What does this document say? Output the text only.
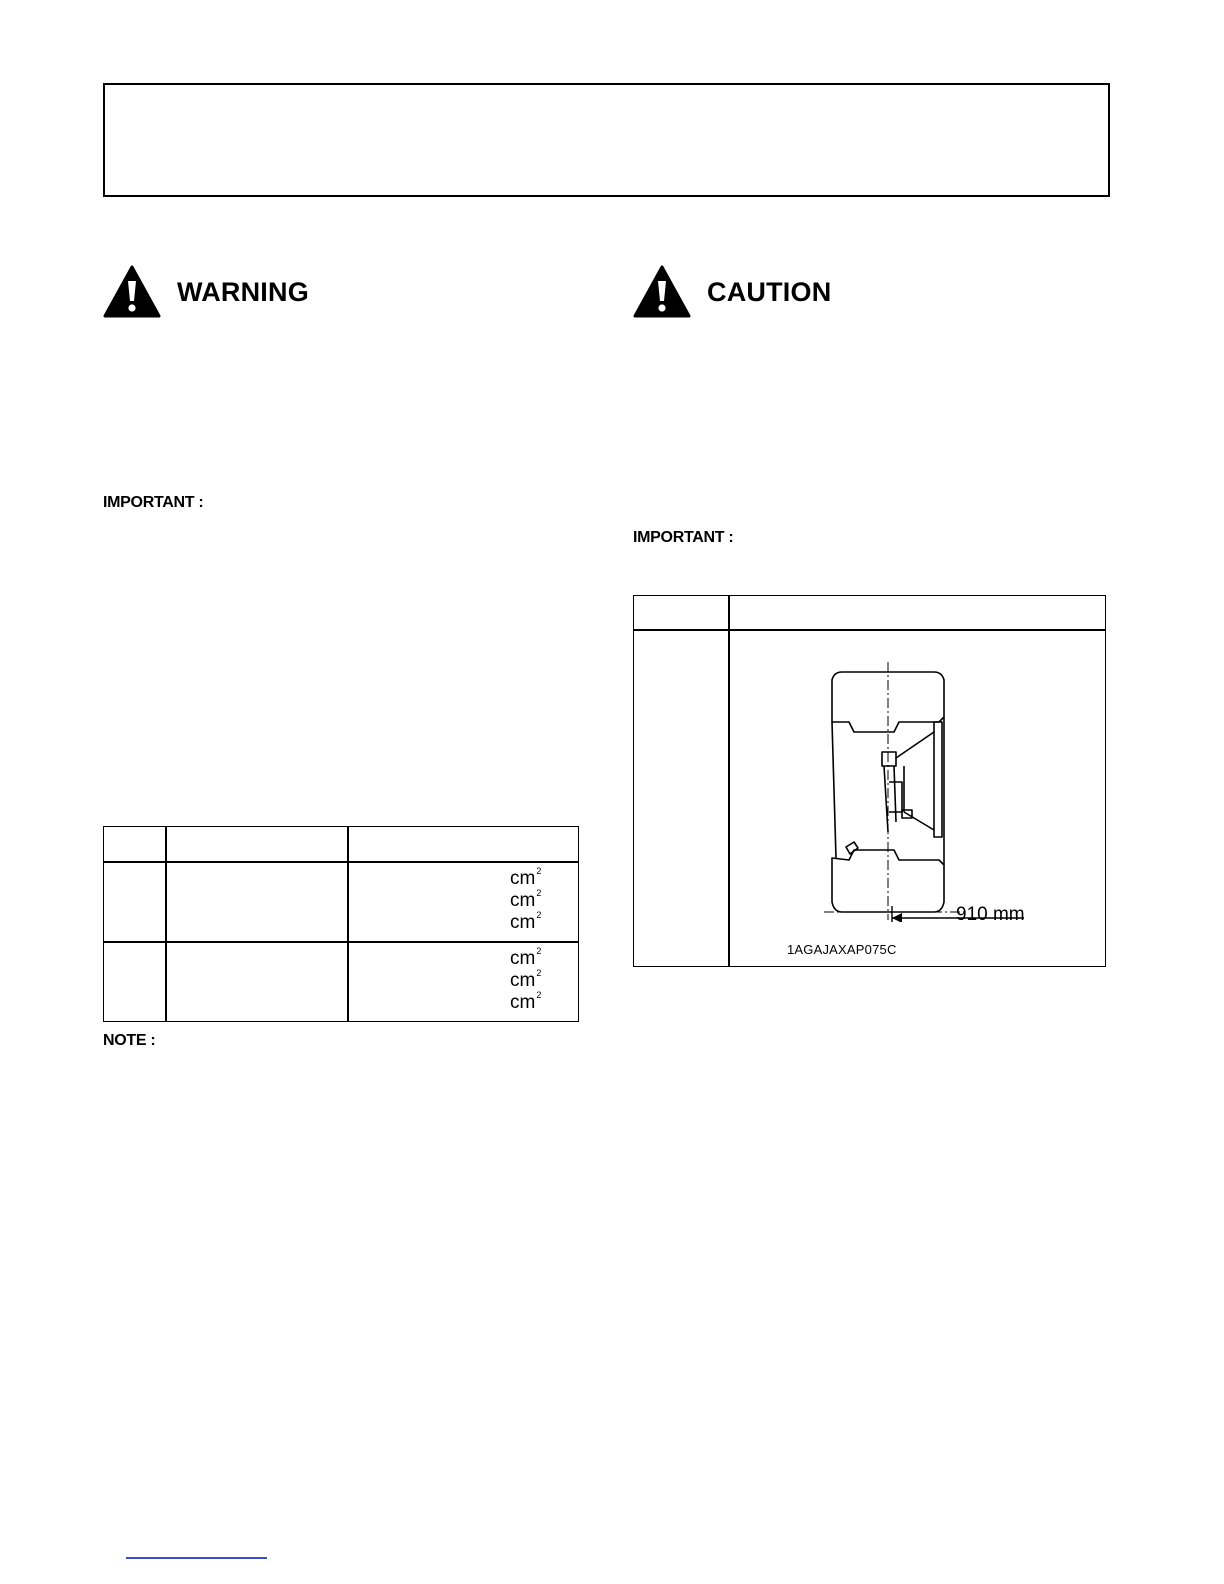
WARNING	CAUTION
IMPORTANT :
IMPORTANT :
$cm^2$
$cm^2$
$cm^2$
$cm^2$
$cm^2$
$cm^2$
NOTE :
910 mm
1AGAJAXAP075C
